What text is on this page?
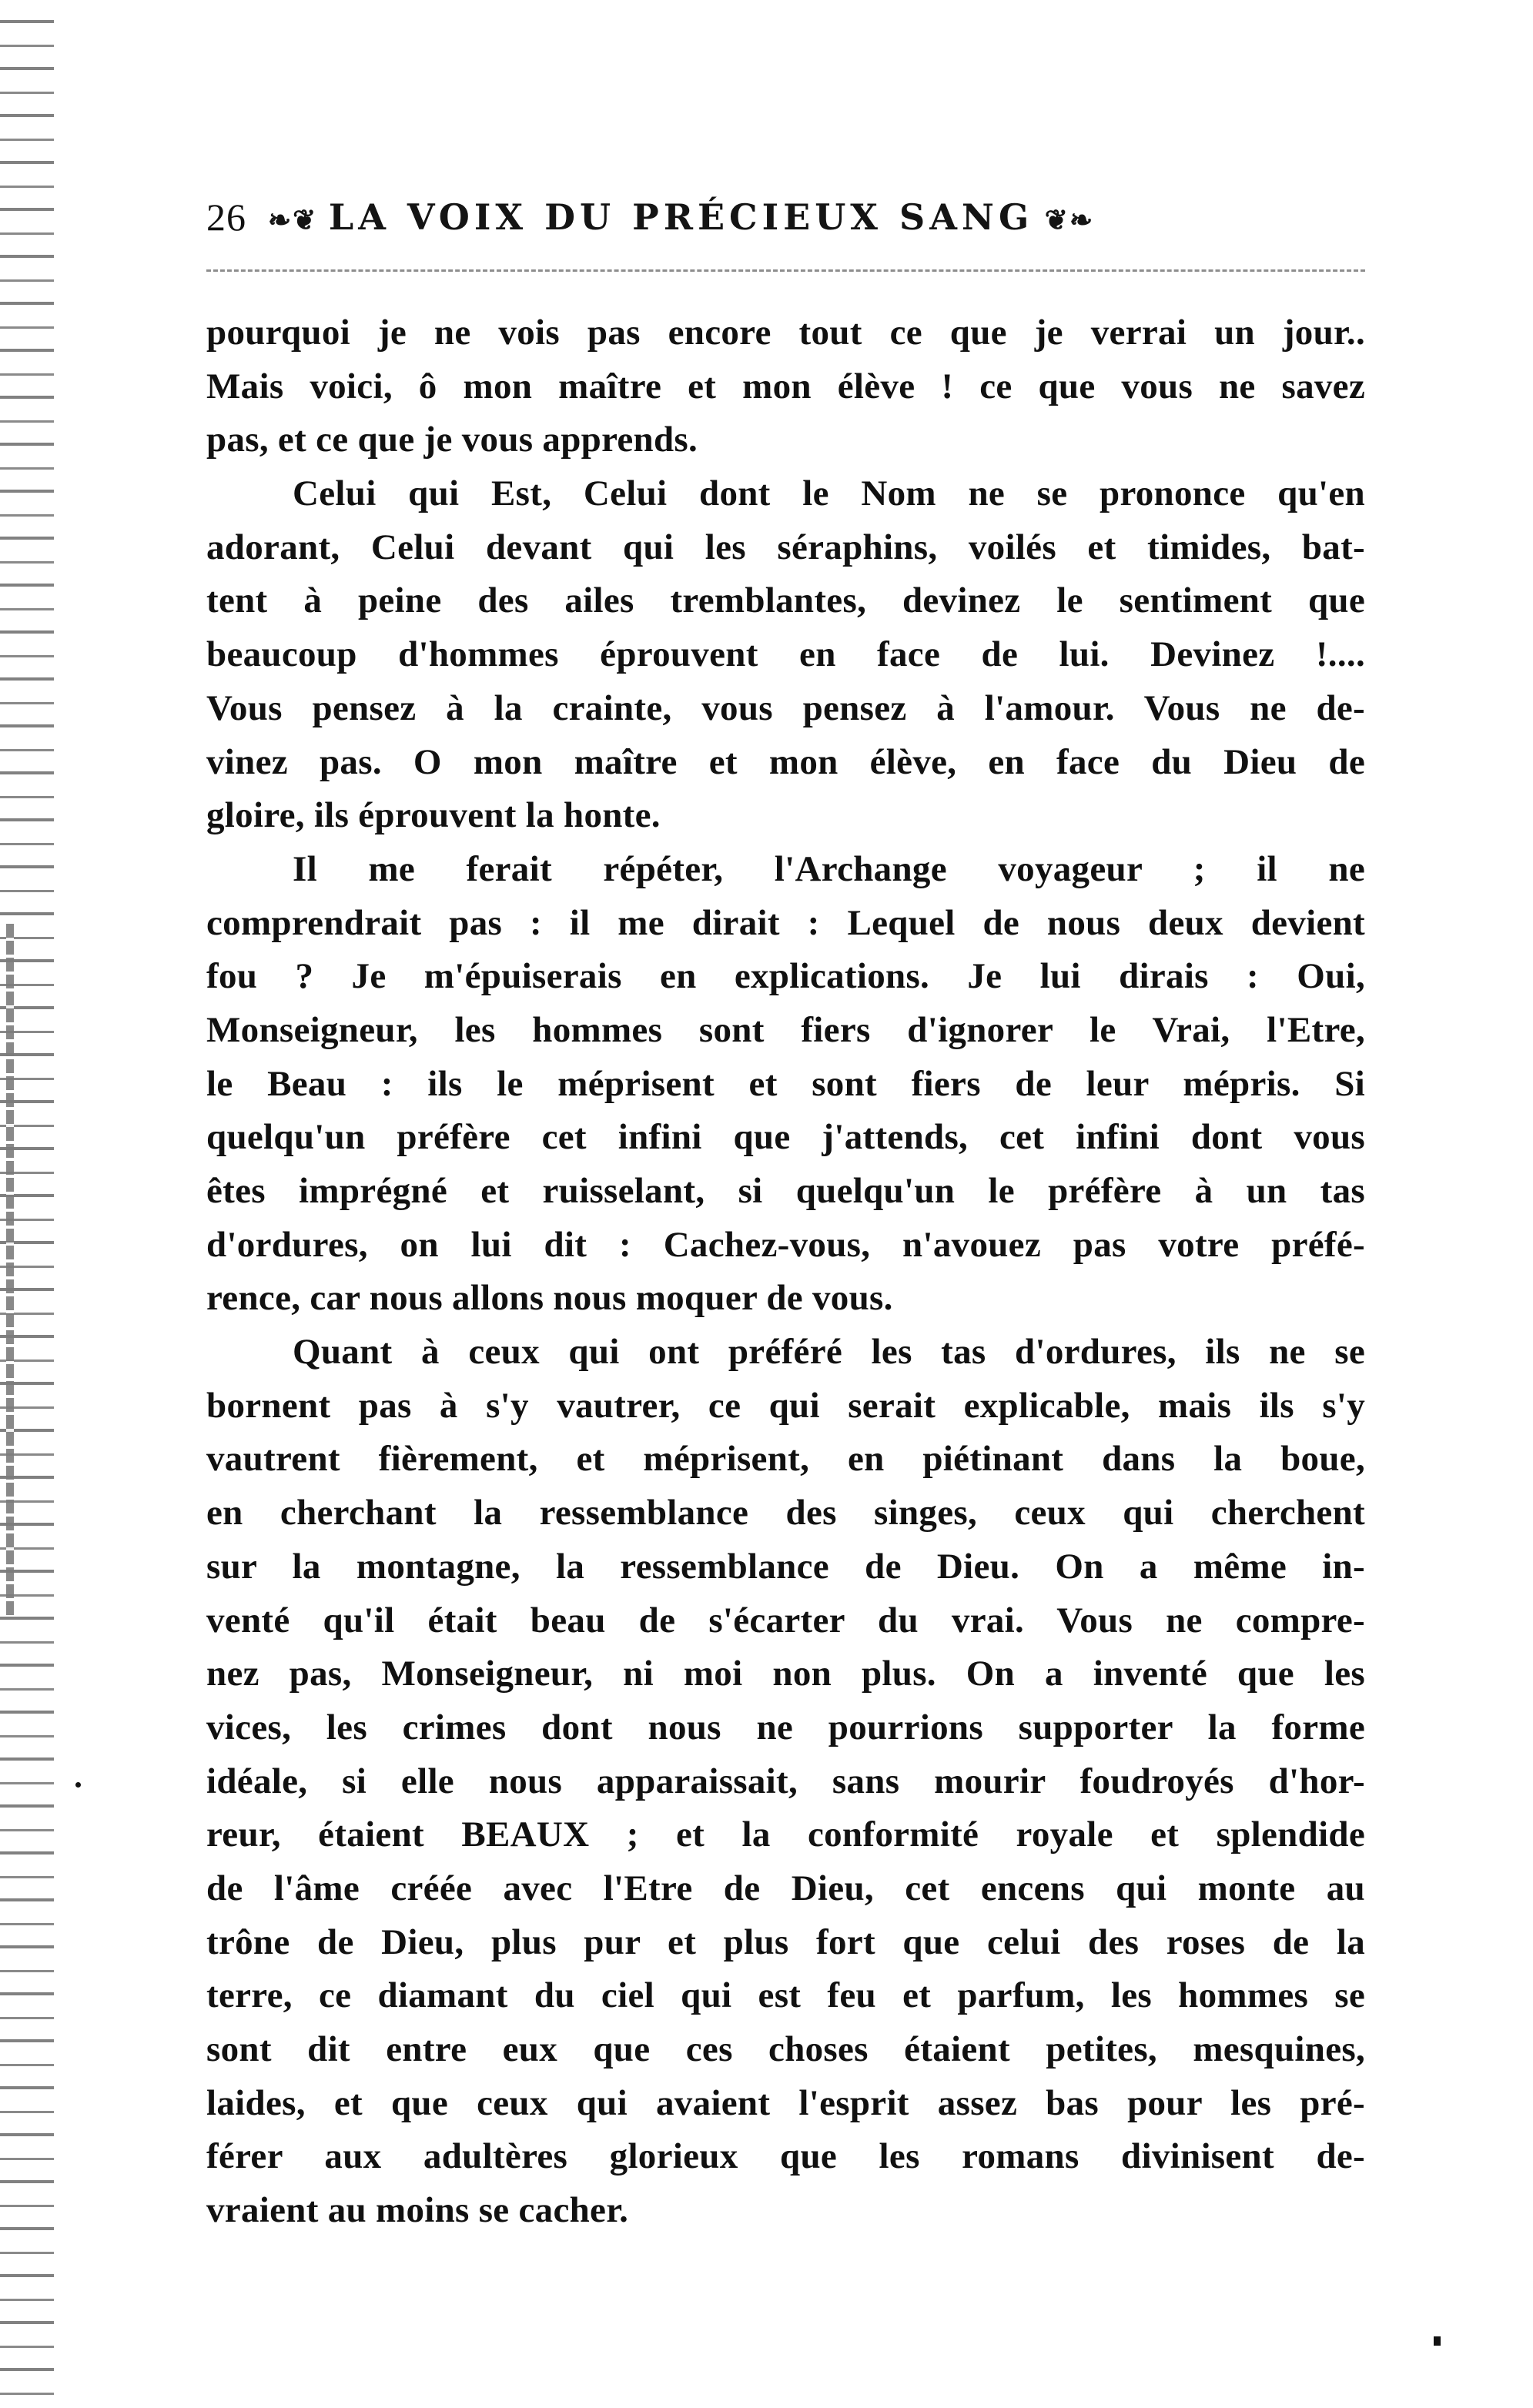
26 ❧❦ LA VOIX DU PRÉCIEUX SANG ❦❧
pourquoi je ne vois pas encore tout ce que je verrai un jour..
Mais voici, ô mon maître et mon élève ! ce que vous ne savez
pas, et ce que je vous apprends.
Celui qui Est, Celui dont le Nom ne se prononce qu'en
adorant, Celui devant qui les séraphins, voilés et timides, bat-
tent à peine des ailes tremblantes, devinez le sentiment que
beaucoup d'hommes éprouvent en face de lui. Devinez !....
Vous pensez à la crainte, vous pensez à l'amour. Vous ne de-
vinez pas. O mon maître et mon élève, en face du Dieu de
gloire, ils éprouvent la honte.
Il me ferait répéter, l'Archange voyageur ; il ne
comprendrait pas : il me dirait : Lequel de nous deux devient
fou ? Je m'épuiserais en explications. Je lui dirais : Oui,
Monseigneur, les hommes sont fiers d'ignorer le Vrai, l'Etre,
le Beau : ils le méprisent et sont fiers de leur mépris. Si
quelqu'un préfère cet infini que j'attends, cet infini dont vous
êtes imprégné et ruisselant, si quelqu'un le préfère à un tas
d'ordures, on lui dit : Cachez-vous, n'avouez pas votre préfé-
rence, car nous allons nous moquer de vous.
Quant à ceux qui ont préféré les tas d'ordures, ils ne se
bornent pas à s'y vautrer, ce qui serait explicable, mais ils s'y
vautrent fièrement, et méprisent, en piétinant dans la boue,
en cherchant la ressemblance des singes, ceux qui cherchent
sur la montagne, la ressemblance de Dieu. On a même in-
venté qu'il était beau de s'écarter du vrai. Vous ne compre-
nez pas, Monseigneur, ni moi non plus. On a inventé que les
vices, les crimes dont nous ne pourrions supporter la forme
idéale, si elle nous apparaissait, sans mourir foudroyés d'hor-
reur, étaient BEAUX ; et la conformité royale et splendide
de l'âme créée avec l'Etre de Dieu, cet encens qui monte au
trône de Dieu, plus pur et plus fort que celui des roses de la
terre, ce diamant du ciel qui est feu et parfum, les hommes se
sont dit entre eux que ces choses étaient petites, mesquines,
laides, et que ceux qui avaient l'esprit assez bas pour les pré-
férer aux adultères glorieux que les romans divinisent de-
vraient au moins se cacher.
